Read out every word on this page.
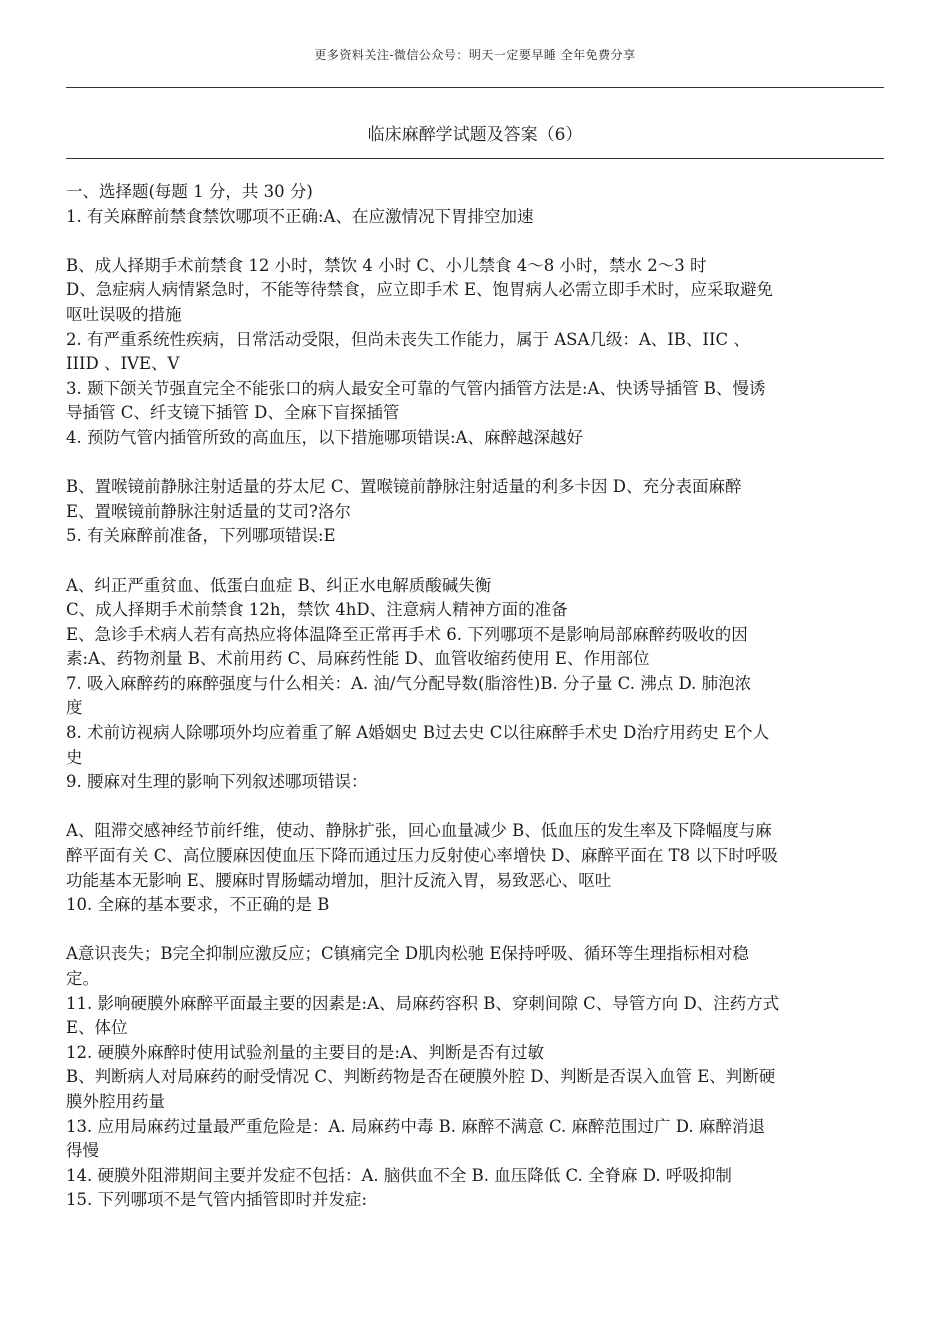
更多资料关注-微信公众号：明天一定要早睡 全年免费分享
临床麻醉学试题及答案（6）
一、选择题(每题 1 分，共 30 分)
1. 有关麻醉前禁食禁饮哪项不正确:A、在应激情况下胃排空加速
B、成人择期手术前禁食 12 小时，禁饮 4 小时 C、小儿禁食 4～8 小时，禁水 2～3 时
D、急症病人病情紧急时，不能等待禁食，应立即手术 E、饱胃病人必需立即手术时，应采取避免
呕吐误吸的措施
2. 有严重系统性疾病，日常活动受限，但尚未丧失工作能力，属于 ASA几级：A、IB、IIC 、
IIID 、IVE、V
3. 颞下颌关节强直完全不能张口的病人最安全可靠的气管内插管方法是:A、快诱导插管 B、慢诱
导插管 C、纤支镜下插管 D、全麻下盲探插管
4. 预防气管内插管所致的高血压，以下措施哪项错误:A、麻醉越深越好
B、置喉镜前静脉注射适量的芬太尼 C、置喉镜前静脉注射适量的利多卡因 D、充分表面麻醉
E、置喉镜前静脉注射适量的艾司?洛尔
5. 有关麻醉前准备，下列哪项错误:E
A、纠正严重贫血、低蛋白血症 B、纠正水电解质酸碱失衡
C、成人择期手术前禁食 12h，禁饮 4hD、注意病人精神方面的准备
E、急诊手术病人若有高热应将体温降至正常再手术 6. 下列哪项不是影响局部麻醉药吸收的因
素:A、药物剂量 B、术前用药 C、局麻药性能 D、血管收缩药使用 E、作用部位
7. 吸入麻醉药的麻醉强度与什么相关：A. 油/气分配导数(脂溶性)B. 分子量 C. 沸点 D. 肺泡浓
度
8. 术前访视病人除哪项外均应着重了解 A婚姻史 B过去史 C以往麻醉手术史 D治疗用药史 E个人
史
9. 腰麻对生理的影响下列叙述哪项错误：
A、阻滞交感神经节前纤维，使动、静脉扩张，回心血量减少 B、低血压的发生率及下降幅度与麻
醉平面有关 C、高位腰麻因使血压下降而通过压力反射使心率增快 D、麻醉平面在 T8 以下时呼吸
功能基本无影响 E、腰麻时胃肠蠕动增加，胆汁反流入胃，易致恶心、呕吐
10. 全麻的基本要求，不正确的是 B
A意识丧失；B完全抑制应激反应；C镇痛完全 D肌肉松驰 E保持呼吸、循环等生理指标相对稳
定。
11. 影响硬膜外麻醉平面最主要的因素是:A、局麻药容积 B、穿刺间隙 C、导管方向 D、注药方式
E、体位
12. 硬膜外麻醉时使用试验剂量的主要目的是:A、判断是否有过敏
B、判断病人对局麻药的耐受情况 C、判断药物是否在硬膜外腔 D、判断是否误入血管 E、判断硬
膜外腔用药量
13. 应用局麻药过量最严重危险是：A. 局麻药中毒 B. 麻醉不满意 C. 麻醉范围过广 D. 麻醉消退
得慢
14. 硬膜外阻滞期间主要并发症不包括：A. 脑供血不全 B. 血压降低 C. 全脊麻 D. 呼吸抑制
15. 下列哪项不是气管内插管即时并发症:
